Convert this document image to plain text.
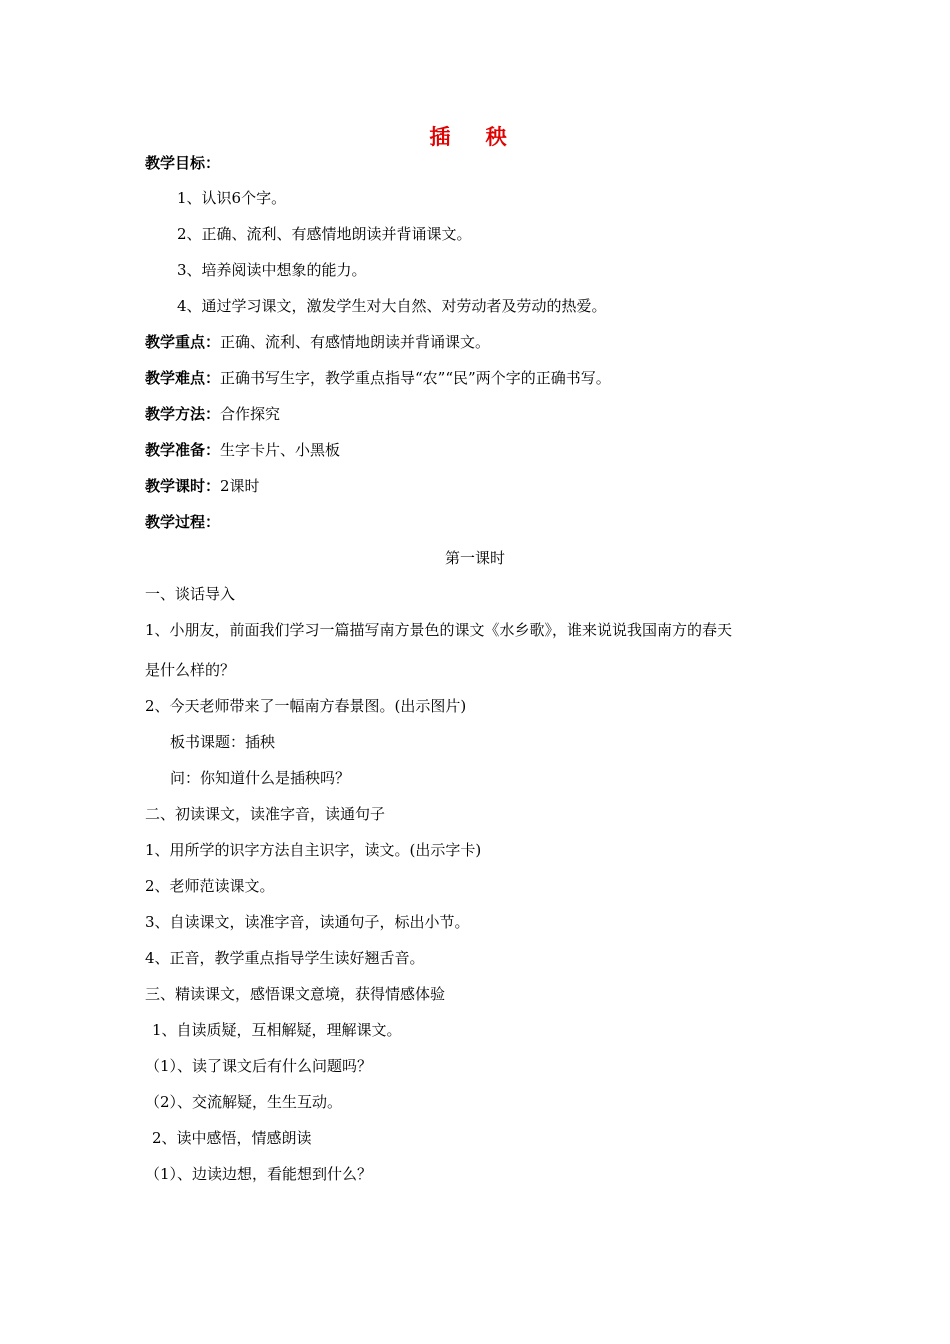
插 秧
教学目标：
1、认识6个字。
2、正确、流利、有感情地朗读并背诵课文。
3、培养阅读中想象的能力。
4、通过学习课文，激发学生对大自然、对劳动者及劳动的热爱。
教学重点：正确、流利、有感情地朗读并背诵课文。
教学难点：正确书写生字，教学重点指导“农”“民”两个字的正确书写。
教学方法：合作探究
教学准备：生字卡片、小黑板
教学课时：2课时
教学过程：
第一课时
一、谈话导入
1、小朋友，前面我们学习一篇描写南方景色的课文《水乡歌》，谁来说说我国南方的春天
是什么样的？
2、今天老师带来了一幅南方春景图。(出示图片)
板书课题：插秧
问：你知道什么是插秧吗？
二、初读课文，读准字音，读通句子
1、用所学的识字方法自主识字，读文。(出示字卡)
2、老师范读课文。
3、自读课文，读准字音，读通句子，标出小节。
4、正音，教学重点指导学生读好翘舌音。
三、精读课文，感悟课文意境，获得情感体验
1、自读质疑，互相解疑，理解课文。
（1）、读了课文后有什么问题吗？
（2）、交流解疑，生生互动。
2、读中感悟，情感朗读
（1）、边读边想，看能想到什么？
